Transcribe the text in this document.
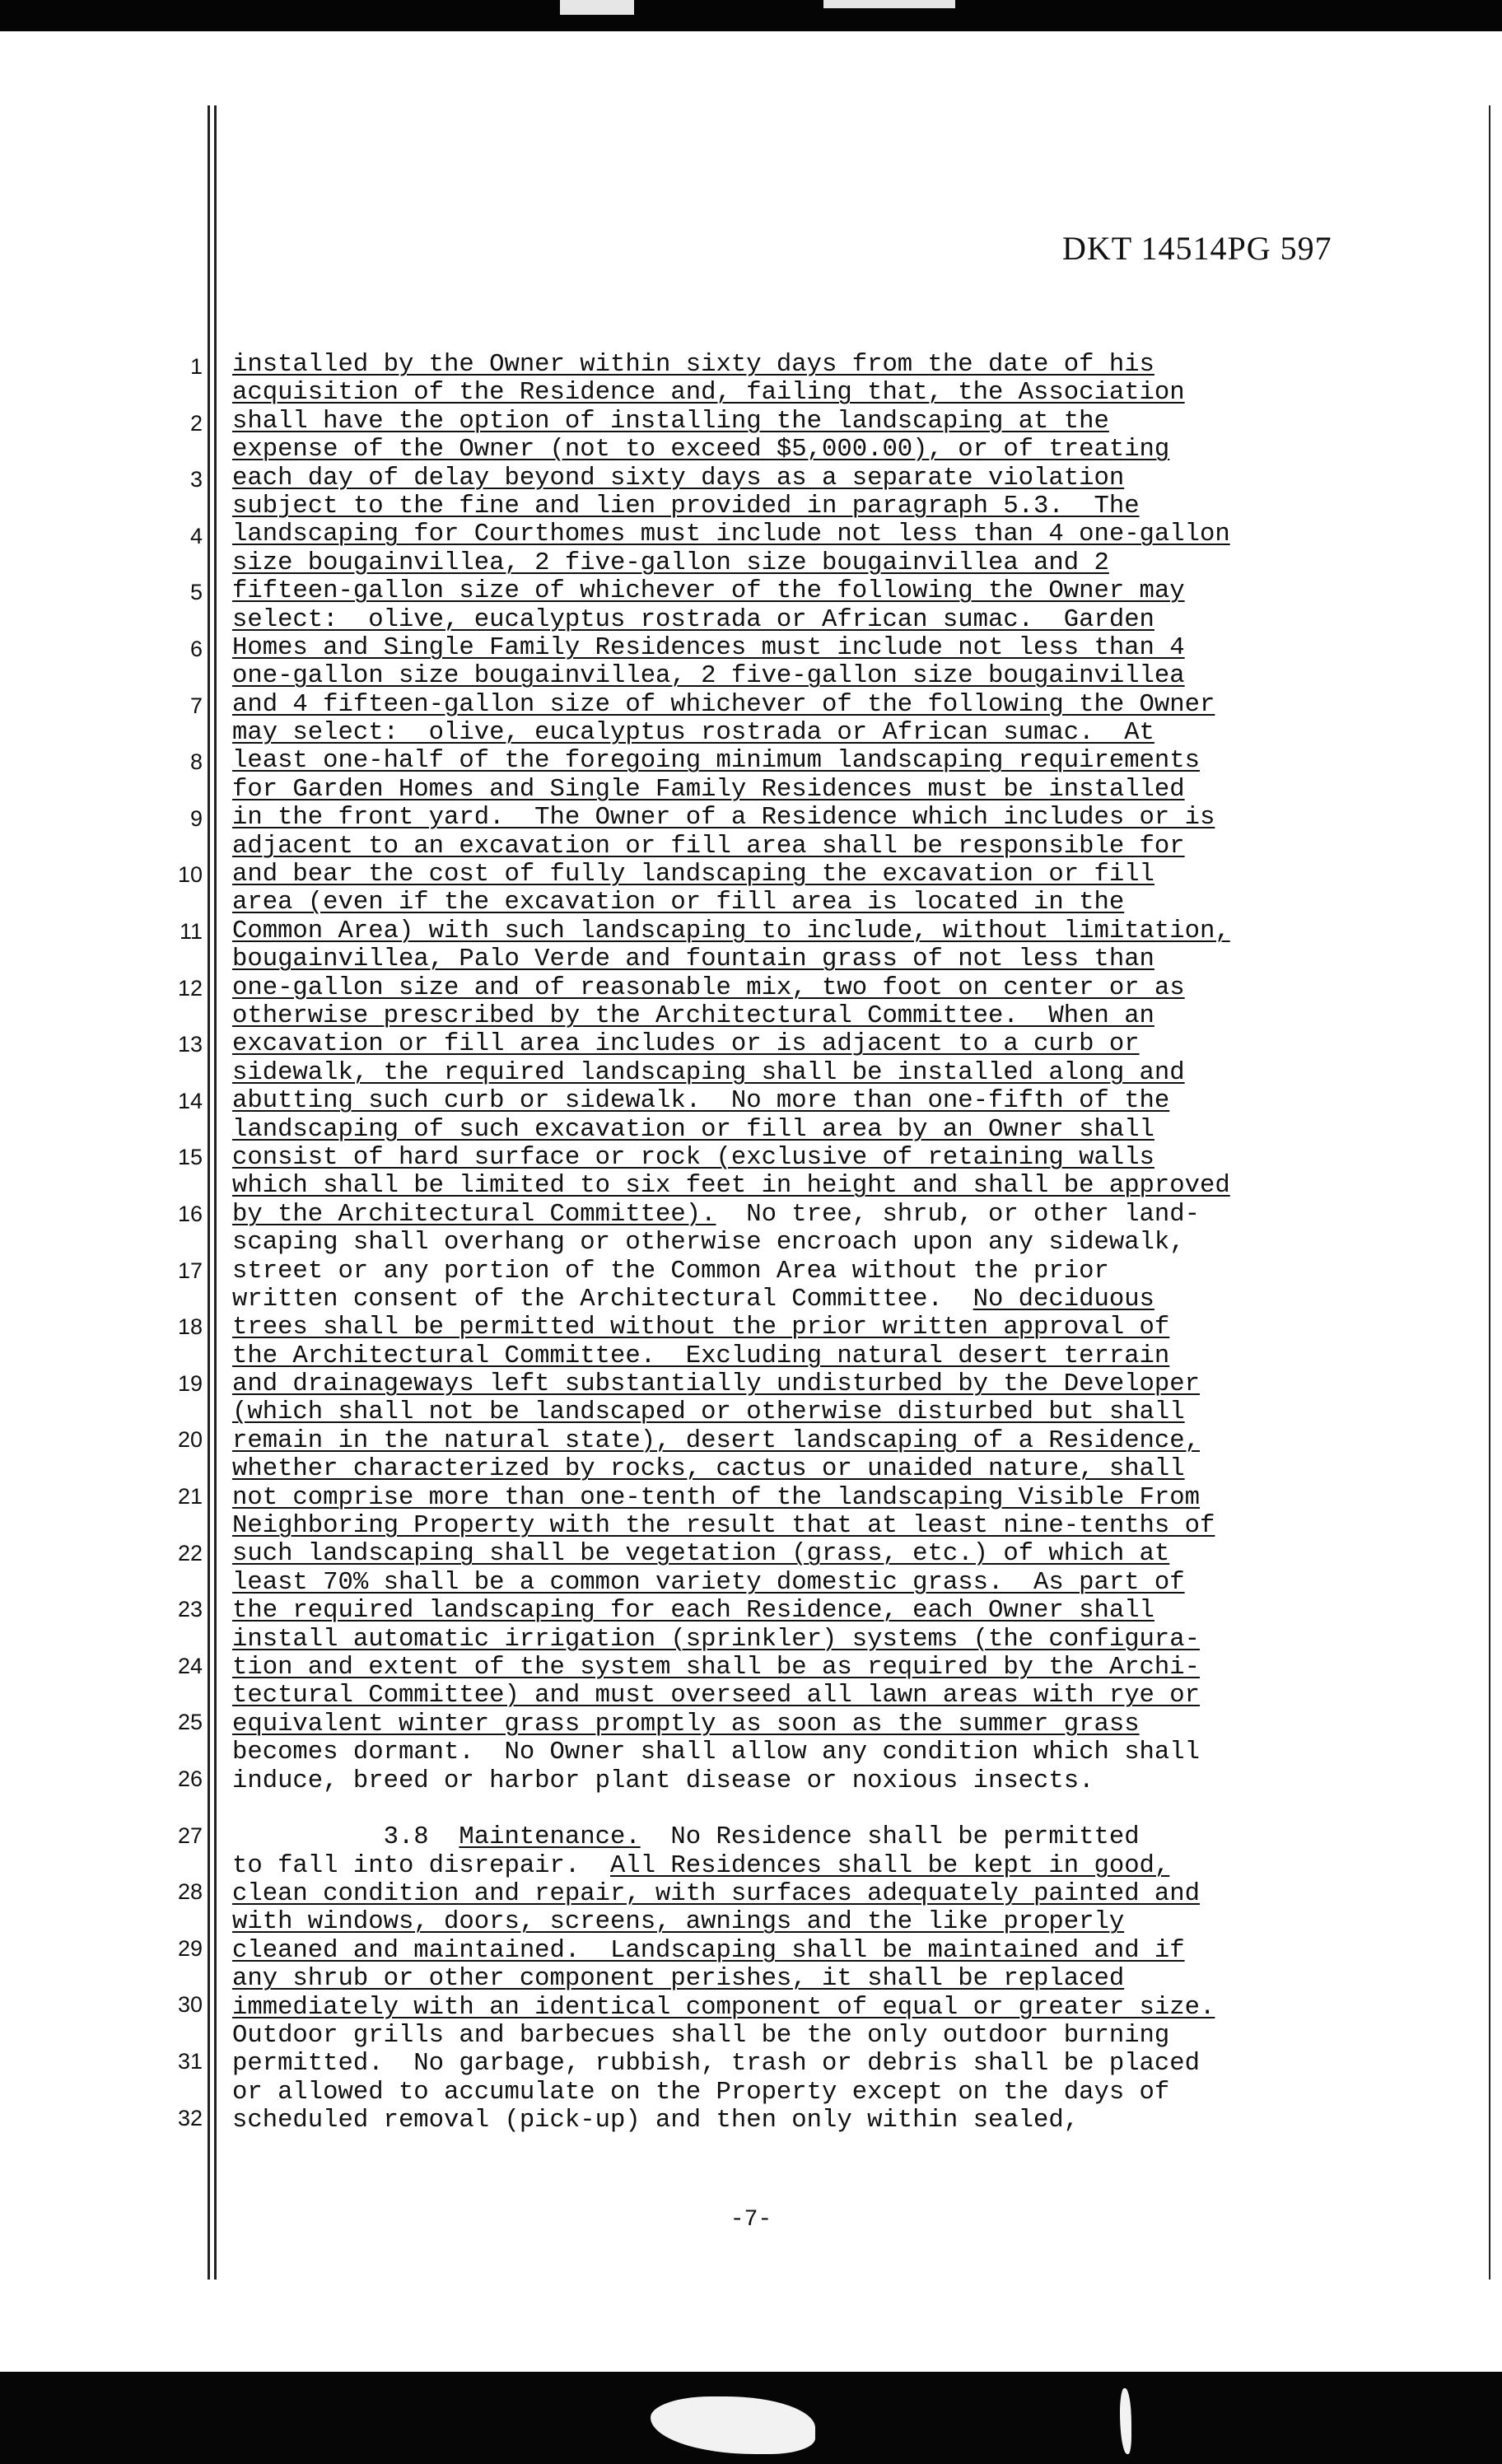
DKT 14514PG 597
1
2
3
4
5
6
7
8
9
10
11
12
13
14
15
16
17
18
19
20
21
22
23
24
25
26
27
28
29
30
31
32
installed by the Owner within sixty days from the date of his
acquisition of the Residence and, failing that, the Association
shall have the option of installing the landscaping at the
expense of the Owner (not to exceed $5,000.00), or of treating
each day of delay beyond sixty days as a separate violation
subject to the fine and lien provided in paragraph 5.3.  The
landscaping for Courthomes must include not less than 4 one-gallon
size bougainvillea, 2 five-gallon size bougainvillea and 2
fifteen-gallon size of whichever of the following the Owner may
select:  olive, eucalyptus rostrada or African sumac.  Garden
Homes and Single Family Residences must include not less than 4
one-gallon size bougainvillea, 2 five-gallon size bougainvillea
and 4 fifteen-gallon size of whichever of the following the Owner
may select:  olive, eucalyptus rostrada or African sumac.  At
least one-half of the foregoing minimum landscaping requirements
for Garden Homes and Single Family Residences must be installed
in the front yard.  The Owner of a Residence which includes or is
adjacent to an excavation or fill area shall be responsible for
and bear the cost of fully landscaping the excavation or fill
area (even if the excavation or fill area is located in the
Common Area) with such landscaping to include, without limitation,
bougainvillea, Palo Verde and fountain grass of not less than
one-gallon size and of reasonable mix, two foot on center or as
otherwise prescribed by the Architectural Committee.  When an
excavation or fill area includes or is adjacent to a curb or
sidewalk, the required landscaping shall be installed along and
abutting such curb or sidewalk.  No more than one-fifth of the
landscaping of such excavation or fill area by an Owner shall
consist of hard surface or rock (exclusive of retaining walls
which shall be limited to six feet in height and shall be approved
by the Architectural Committee).  No tree, shrub, or other land-
scaping shall overhang or otherwise encroach upon any sidewalk,
street or any portion of the Common Area without the prior
written consent of the Architectural Committee.  No deciduous
trees shall be permitted without the prior written approval of
the Architectural Committee.  Excluding natural desert terrain
and drainageways left substantially undisturbed by the Developer
(which shall not be landscaped or otherwise disturbed but shall
remain in the natural state), desert landscaping of a Residence,
whether characterized by rocks, cactus or unaided nature, shall
not comprise more than one-tenth of the landscaping Visible From
Neighboring Property with the result that at least nine-tenths of
such landscaping shall be vegetation (grass, etc.) of which at
least 70% shall be a common variety domestic grass.  As part of
the required landscaping for each Residence, each Owner shall
install automatic irrigation (sprinkler) systems (the configura-
tion and extent of the system shall be as required by the Archi-
tectural Committee) and must overseed all lawn areas with rye or
equivalent winter grass promptly as soon as the summer grass
becomes dormant.  No Owner shall allow any condition which shall
induce, breed or harbor plant disease or noxious insects.
3.8  Maintenance.  No Residence shall be permitted
to fall into disrepair.  All Residences shall be kept in good,
clean condition and repair, with surfaces adequately painted and
with windows, doors, screens, awnings and the like properly
cleaned and maintained.  Landscaping shall be maintained and if
any shrub or other component perishes, it shall be replaced
immediately with an identical component of equal or greater size.
Outdoor grills and barbecues shall be the only outdoor burning
permitted.  No garbage, rubbish, trash or debris shall be placed
or allowed to accumulate on the Property except on the days of
scheduled removal (pick-up) and then only within sealed,
-7-
